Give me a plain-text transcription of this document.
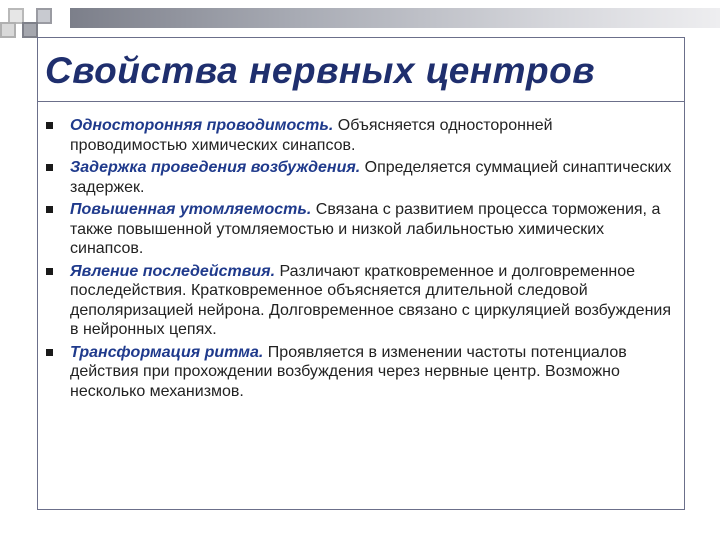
Свойства нервных центров
Односторонняя проводимость. Объясняется односторонней проводимостью химических синапсов.
Задержка проведения возбуждения. Определяется суммацией синаптических задержек.
Повышенная утомляемость. Связана с развитием процесса торможения, а также повышенной утомляемостью и низкой лабильностью химических синапсов.
Явление последействия. Различают кратковременное и долговременное последействия. Кратковременное объясняется длительной следовой деполяризацией нейрона. Долговременное связано с циркуляцией возбуждения в нейронных цепях.
Трансформация ритма. Проявляется в изменении частоты потенциалов действия при прохождении возбуждения через нервные центр. Возможно несколько механизмов.
